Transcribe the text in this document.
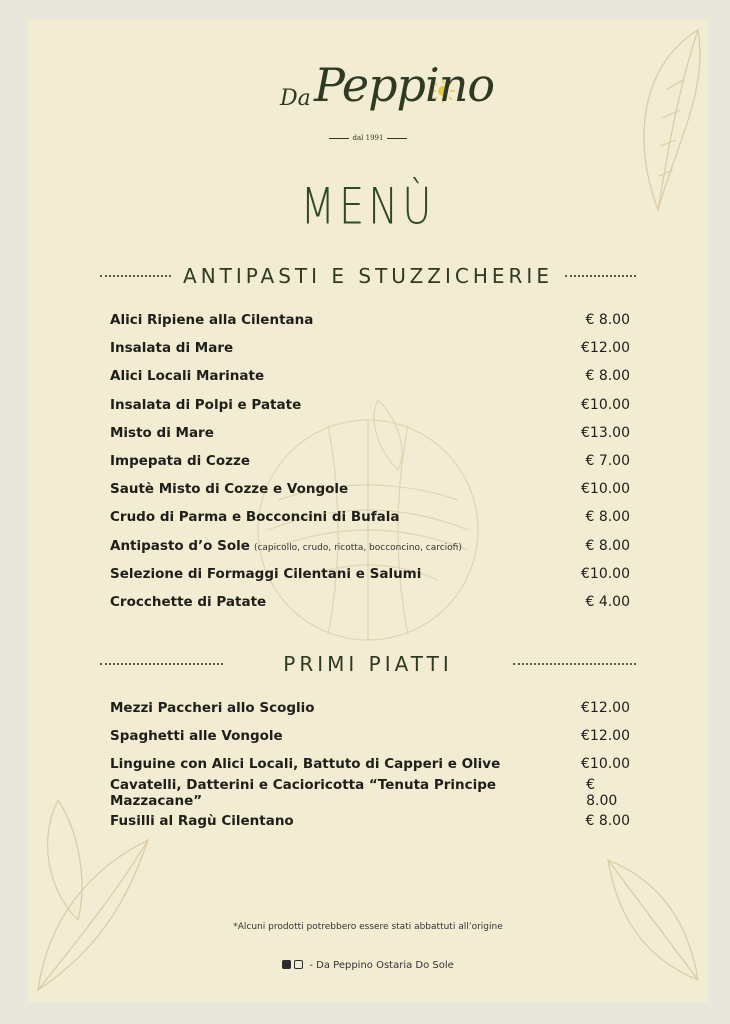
Da Peppino
dal 1991
MENÙ
ANTIPASTI E STUZZICHERIE
Alici Ripiene alla Cilentana	€ 8.00
Insalata di Mare	€12.00
Alici Locali Marinate	€ 8.00
Insalata di Polpi e Patate	€10.00
Misto di Mare	€13.00
Impepata di Cozze	€ 7.00
Sautè Misto di Cozze e Vongole	€10.00
Crudo di Parma e Bocconcini di Bufala	€ 8.00
Antipasto d’o Sole (capicollo, crudo, ricotta, bocconcino, carciofi)	€ 8.00
Selezione di Formaggi Cilentani e Salumi	€10.00
Crocchette di Patate	€ 4.00
PRIMI PIATTI
Mezzi Paccheri allo Scoglio	€12.00
Spaghetti alle Vongole	€12.00
Linguine con Alici Locali, Battuto di Capperi e Olive	€10.00
Cavatelli, Datterini e Cacioricotta “Tenuta Principe Mazzacane”
€ 8.00
Fusilli al Ragù Cilentano	€ 8.00
*Alcuni prodotti potrebbero essere stati abbattuti all’origine
- Da Peppino Ostaria Do Sole
